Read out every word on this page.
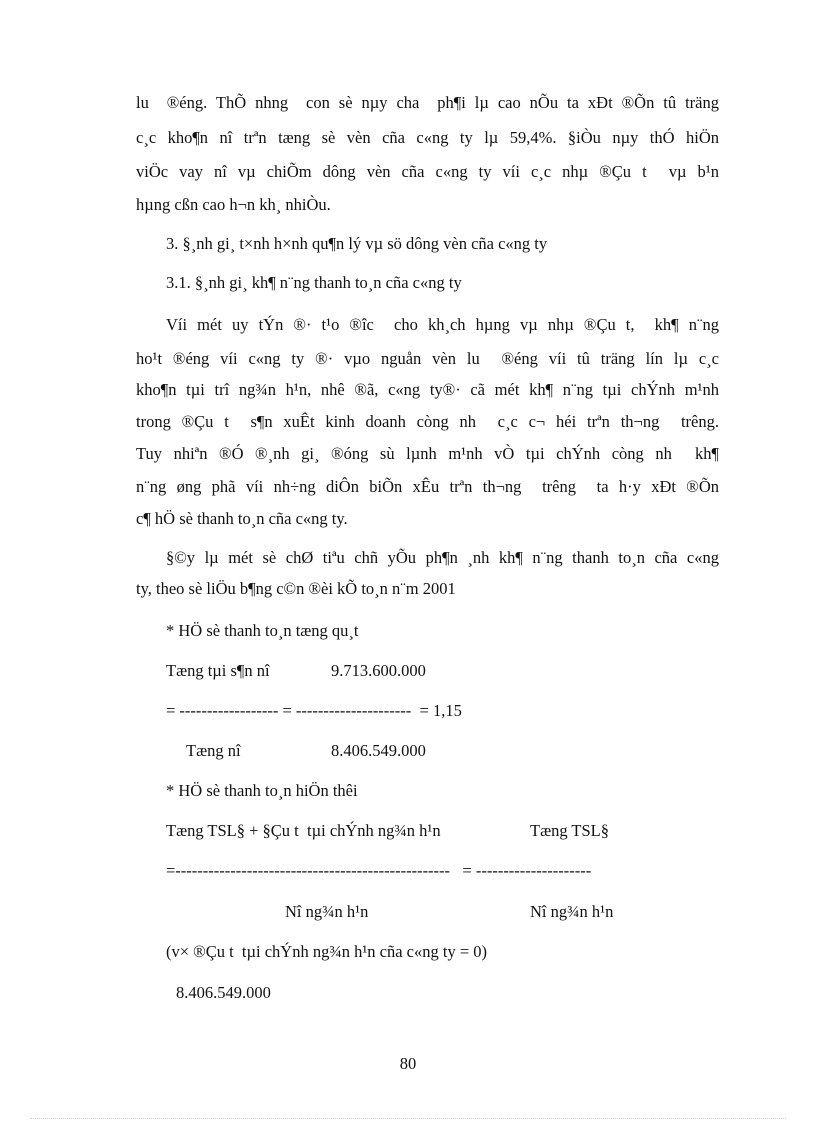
lu  ®éng. ThÕ nhng  con sè nµy cha  ph¶i lµ cao nÕu ta xÐt ®Õn tû träng

c¸c kho¶n nî trªn tæng sè vèn cña c«ng ty lµ 59,4%. §iÒu nµy thÓ hiÖn

viÖc vay nî vµ chiÕm dông vèn cña c«ng ty víi c¸c nhµ ®Çu t  vµ b¹n

hµng cßn cao h¬n kh¸ nhiÒu.

3. §¸nh gi¸ t×nh h×nh qu¶n lý vµ sö dông vèn cña c«ng ty

3.1. §¸nh gi¸ kh¶ n¨ng thanh to¸n cña c«ng ty

Víi mét uy tÝn ®· t¹o ®îc  cho kh¸ch hµng vµ nhµ ®Çu t,  kh¶ n¨ng

ho¹t ®éng víi c«ng ty ®· vµo nguån vèn lu  ®éng víi tû träng lín lµ c¸c

kho¶n tµi trî ng¾n h¹n, nhê ®ã, c«ng ty®· cã mét kh¶ n¨ng tµi chÝnh m¹nh

trong ®Çu t  s¶n xuÊt kinh doanh còng nh  c¸c c¬ héi trªn th¬ng  trêng.

Tuy nhiªn ®Ó ®¸nh gi¸ ®óng sù lµnh m¹nh vÒ tµi chÝnh còng nh  kh¶

n¨ng øng phã víi nh÷ng diÔn biÕn xÊu trªn th¬ng  trêng  ta h·y xÐt ®Õn

c¶ hÖ sè thanh to¸n cña c«ng ty.

§©y lµ mét sè chØ tiªu chñ yÕu ph¶n ¸nh kh¶ n¨ng thanh to¸n cña c«ng

ty, theo sè liÖu b¶ng c©n ®èi kÕ to¸n n¨m 2001

* HÖ sè thanh to¸n tæng qu¸t

Tæng tµi s¶n nî	9.713.600.000

= ------------------ = ---------------------  = 1,15

Tæng nî	8.406.549.000

* HÖ sè thanh to¸n hiÖn thêi

Tæng TSL§ + §Çu t  tµi chÝnh ng¾n h¹n	Tæng TSL§

=--------------------------------------------------   = ---------------------

Nî ng¾n h¹n	Nî ng¾n h¹n

(v× ®Çu t  tµi chÝnh ng¾n h¹n cña c«ng ty = 0)

8.406.549.000

80
